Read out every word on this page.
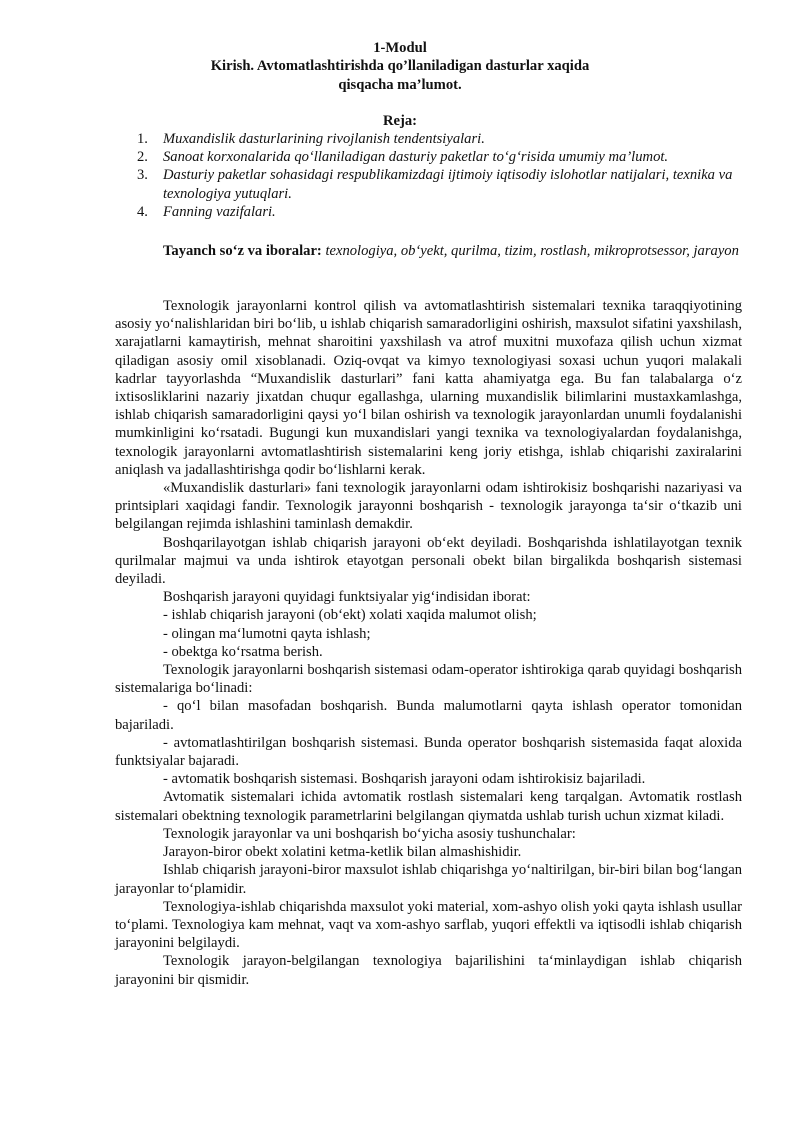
1-Modul
Kirish. Avtomatlashtirishda qo’llaniladigan dasturlar xaqida
qisqacha ma’lumot.
Reja:
1. Muxandislik dasturlarining rivojlanish tendentsiyalari.
2. Sanoat korxonalarida qo‘llaniladigan dasturiy paketlar to‘g‘risida umumiy ma’lumot.
3. Dasturiy paketlar sohasidagi respublikamizdagi ijtimoiy iqtisodiy islohotlar natijalari, texnika va texnologiya yutuqlari.
4. Fanning vazifalari.

Tayanch so‘z va iboralar: texnologiya, ob‘yekt, qurilma, tizim, rostlash, mikroprotsessor, jarayon

Texnologik jarayonlarni kontrol qilish va avtomatlashtirish sistemalari texnika taraqqiyotining asosiy yo‘nalishlaridan biri bo‘lib, u ishlab chiqarish samaradorligini oshirish, maxsulot sifatini yaxshilash, xarajatlarni kamaytirish, mehnat sharoitini yaxshilash va atrof muxitni muxofaza qilish uchun xizmat qiladigan asosiy omil xisoblanadi. Oziq-ovqat va kimyo texnologiyasi soxasi uchun yuqori malakali kadrlar tayyorlashda “Muxandislik dasturlari” fani katta ahamiyatga ega. Bu fan talabalarga o‘z ixtisosliklarini nazariy jixatdan chuqur egallashga, ularning muxandislik bilimlarini mustaxkamlashga, ishlab chiqarish samaradorligini qaysi yo‘l bilan oshirish va texnologik jarayonlardan unumli foydalanishi mumkinligini ko‘rsatadi. Bugungi kun muxandislari yangi texnika va texnologiyalardan foydalanishga, texnologik jarayonlarni avtomatlashtirish sistemalarini keng joriy etishga, ishlab chiqarishi zaxiralarini aniqlash va jadallashtirishga qodir bo‘lishlarni kerak.

«Muxandislik dasturlari» fani texnologik jarayonlarni odam ishtirokisiz boshqarishi nazariyasi va printsiplari xaqidagi fandir. Texnologik jarayonni boshqarish - texnologik jarayonga ta‘sir o‘tkazib uni belgilangan rejimda ishlashini taminlash demakdir.

Boshqarilayotgan ishlab chiqarish jarayoni ob‘ekt deyiladi. Boshqarishda ishlatilayotgan texnik qurilmalar majmui va unda ishtirok etayotgan personali obekt bilan birgalikda boshqarish sistemasi deyiladi.

Boshqarish jarayoni quyidagi funktsiyalar yig‘indisidan iborat:

- ishlab chiqarish jarayoni (ob‘ekt) xolati xaqida malumot olish;

- olingan ma‘lumotni qayta ishlash;

- obektga ko‘rsatma berish.

Texnologik jarayonlarni boshqarish sistemasi odam-operator ishtirokiga qarab quyidagi boshqarish sistemalariga bo‘linadi:

- qo‘l bilan masofadan boshqarish. Bunda malumotlarni qayta ishlash operator tomonidan bajariladi.

- avtomatlashtirilgan boshqarish sistemasi. Bunda operator boshqarish sistemasida faqat aloxida funktsiyalar bajaradi.

- avtomatik boshqarish sistemasi. Boshqarish jarayoni odam ishtirokisiz bajariladi.

Avtomatik sistemalari ichida avtomatik rostlash sistemalari keng tarqalgan. Avtomatik rostlash sistemalari obektning texnologik parametrlarini belgilangan qiymatda ushlab turish uchun xizmat kiladi.

Texnologik jarayonlar va uni boshqarish bo‘yicha asosiy tushunchalar:

Jarayon-biror obekt xolatini ketma-ketlik bilan almashishidir.

Ishlab chiqarish jarayoni-biror maxsulot ishlab chiqarishga yo‘naltirilgan, bir-biri bilan bog‘langan jarayonlar to‘plamidir.

Texnologiya-ishlab chiqarishda maxsulot yoki material, xom-ashyo olish yoki qayta ishlash usullar to‘plami. Texnologiya kam mehnat, vaqt va xom-ashyo sarflab, yuqori effektli va iqtisodli ishlab chiqarish jarayonini belgilaydi.

Texnologik jarayon-belgilangan texnologiya bajarilishini ta‘minlaydigan ishlab chiqarish jarayonini bir qismidir.
